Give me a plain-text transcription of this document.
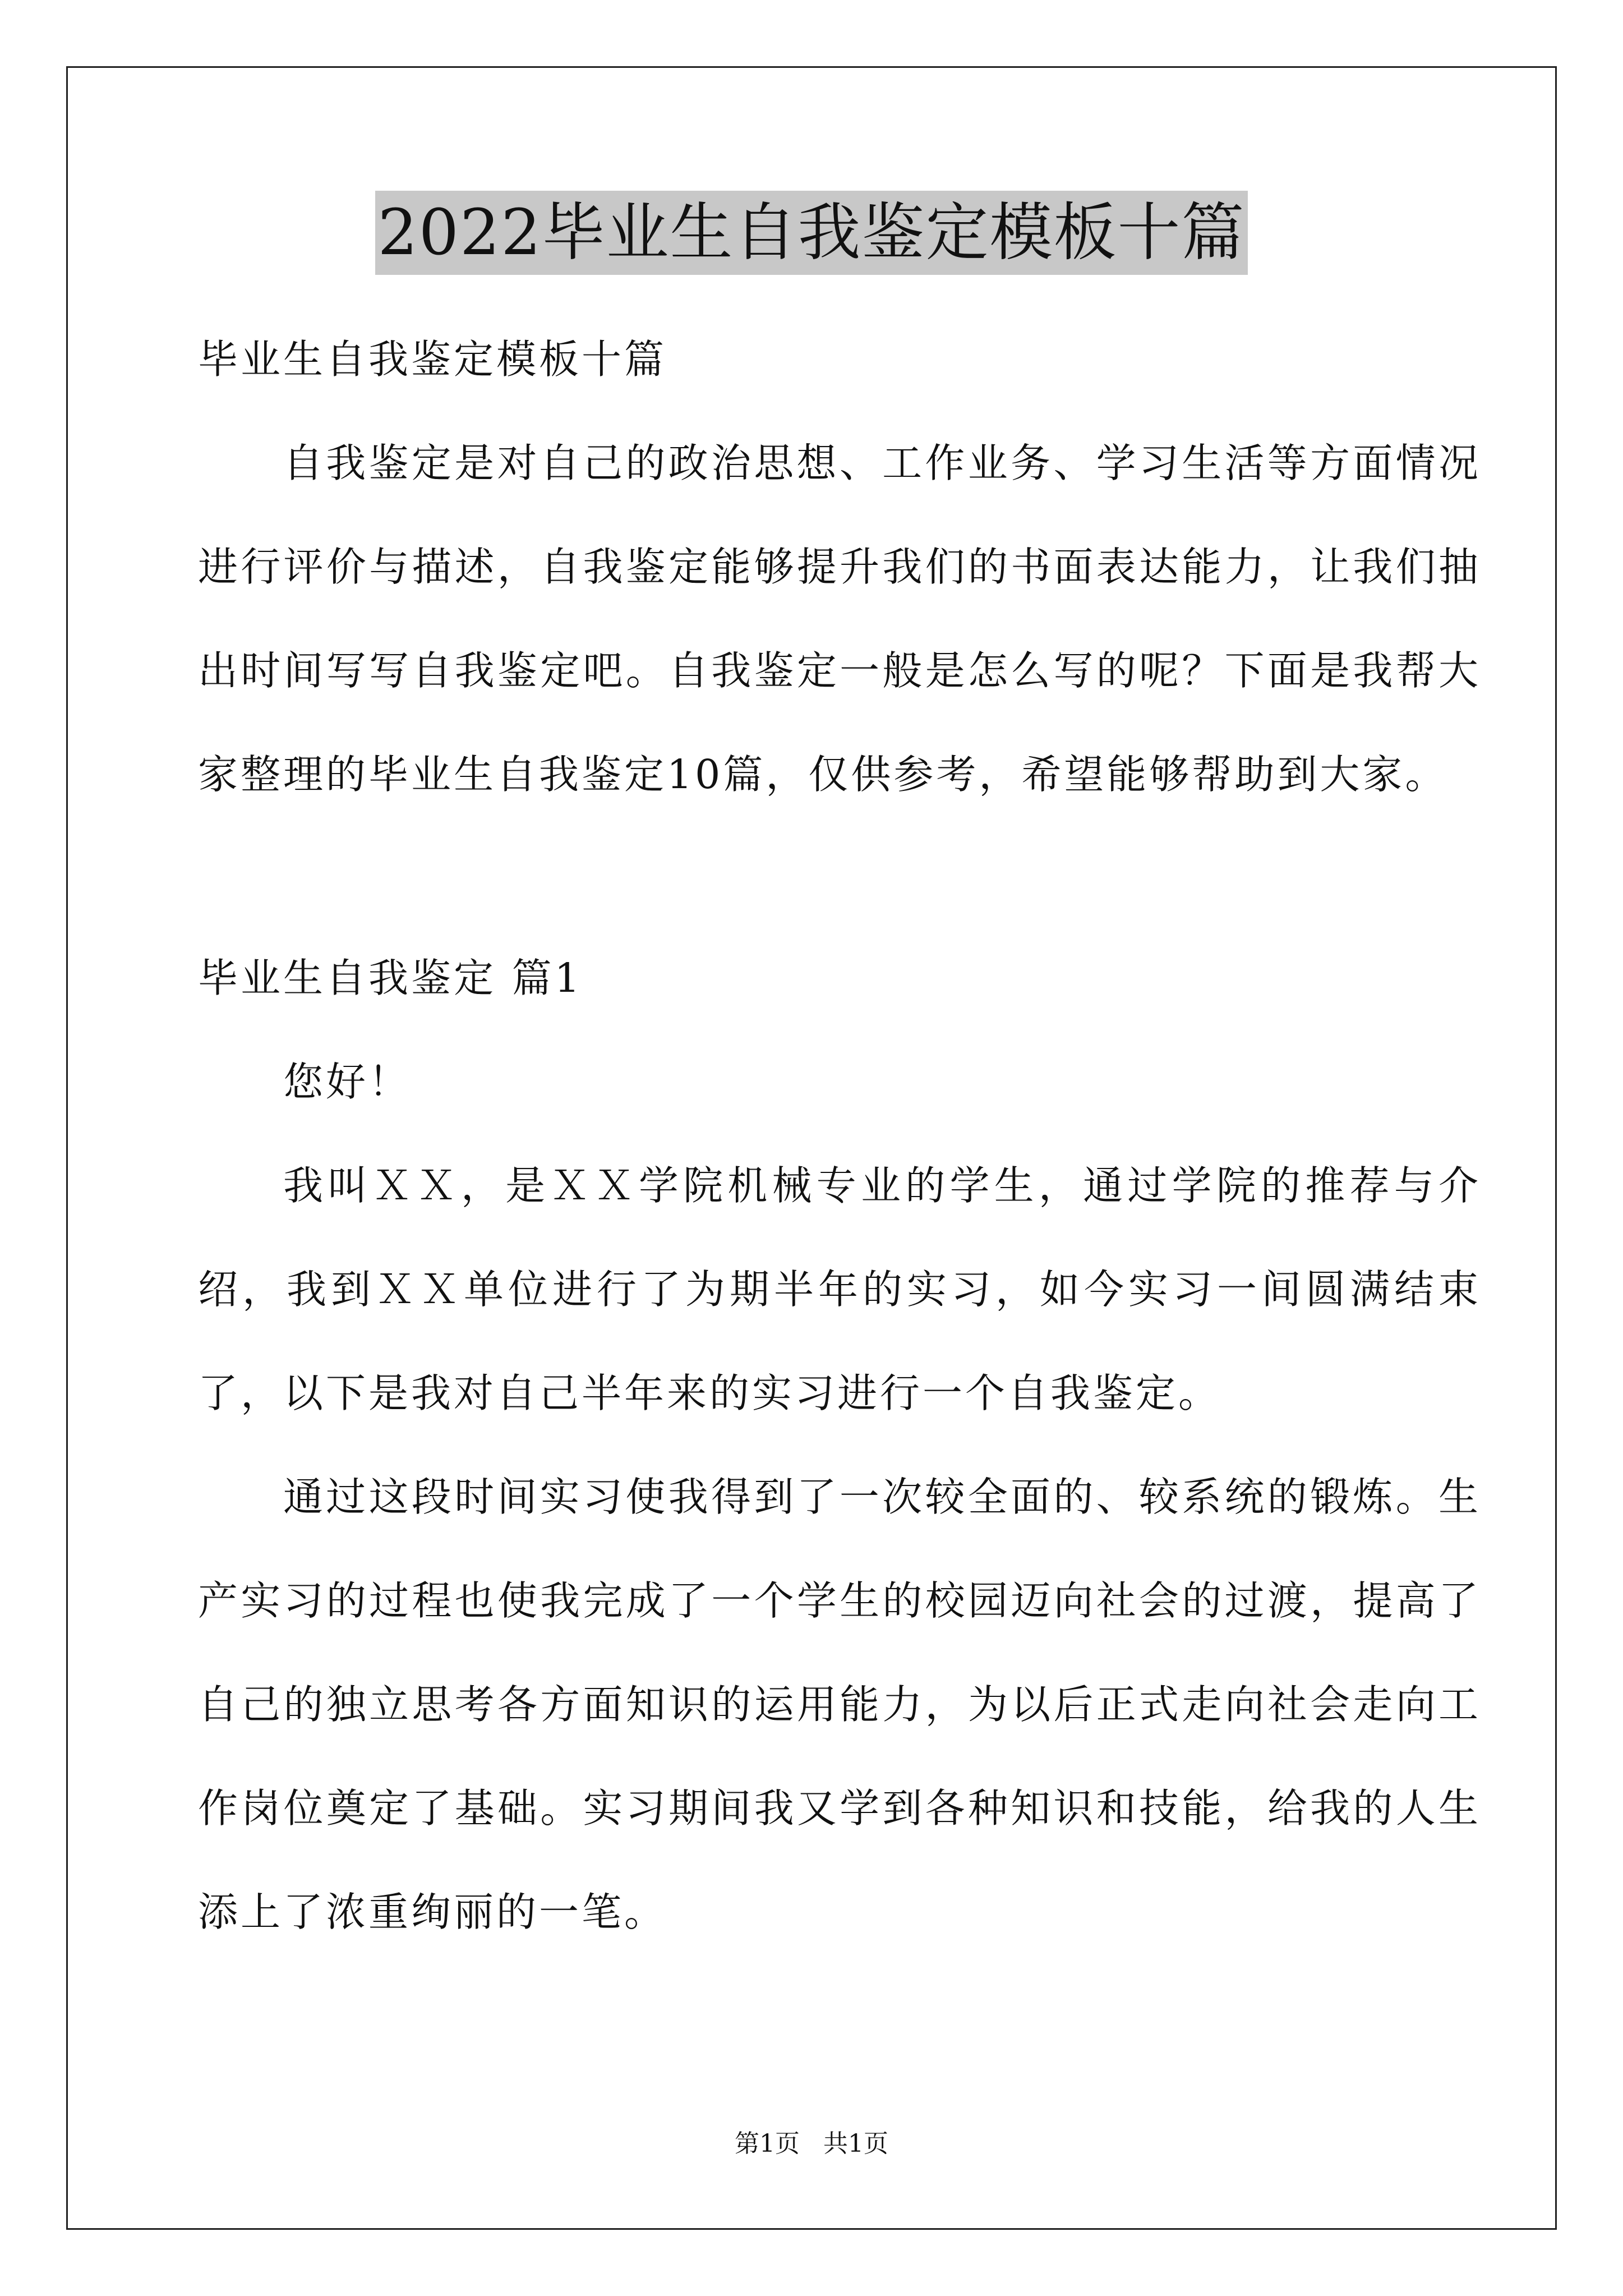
2022毕业生自我鉴定模板十篇

毕业生自我鉴定模板十篇

自我鉴定是对自己的政治思想、工作业务、学习生活等方面情况进行评价与描述，自我鉴定能够提升我们的书面表达能力，让我们抽出时间写写自我鉴定吧。自我鉴定一般是怎么写的呢？下面是我帮大家整理的毕业生自我鉴定10篇，仅供参考，希望能够帮助到大家。

毕业生自我鉴定 篇1

您好！

我叫ＸＸ，是ＸＸ学院机械专业的学生，通过学院的推荐与介绍，我到ＸＸ单位进行了为期半年的实习，如今实习一间圆满结束了，以下是我对自己半年来的实习进行一个自我鉴定。

通过这段时间实习使我得到了一次较全面的、较系统的锻炼。生产实习的过程也使我完成了一个学生的校园迈向社会的过渡，提高了自己的独立思考各方面知识的运用能力，为以后正式走向社会走向工作岗位奠定了基础。实习期间我又学到各种知识和技能，给我的人生添上了浓重绚丽的一笔。

第1页   共1页
